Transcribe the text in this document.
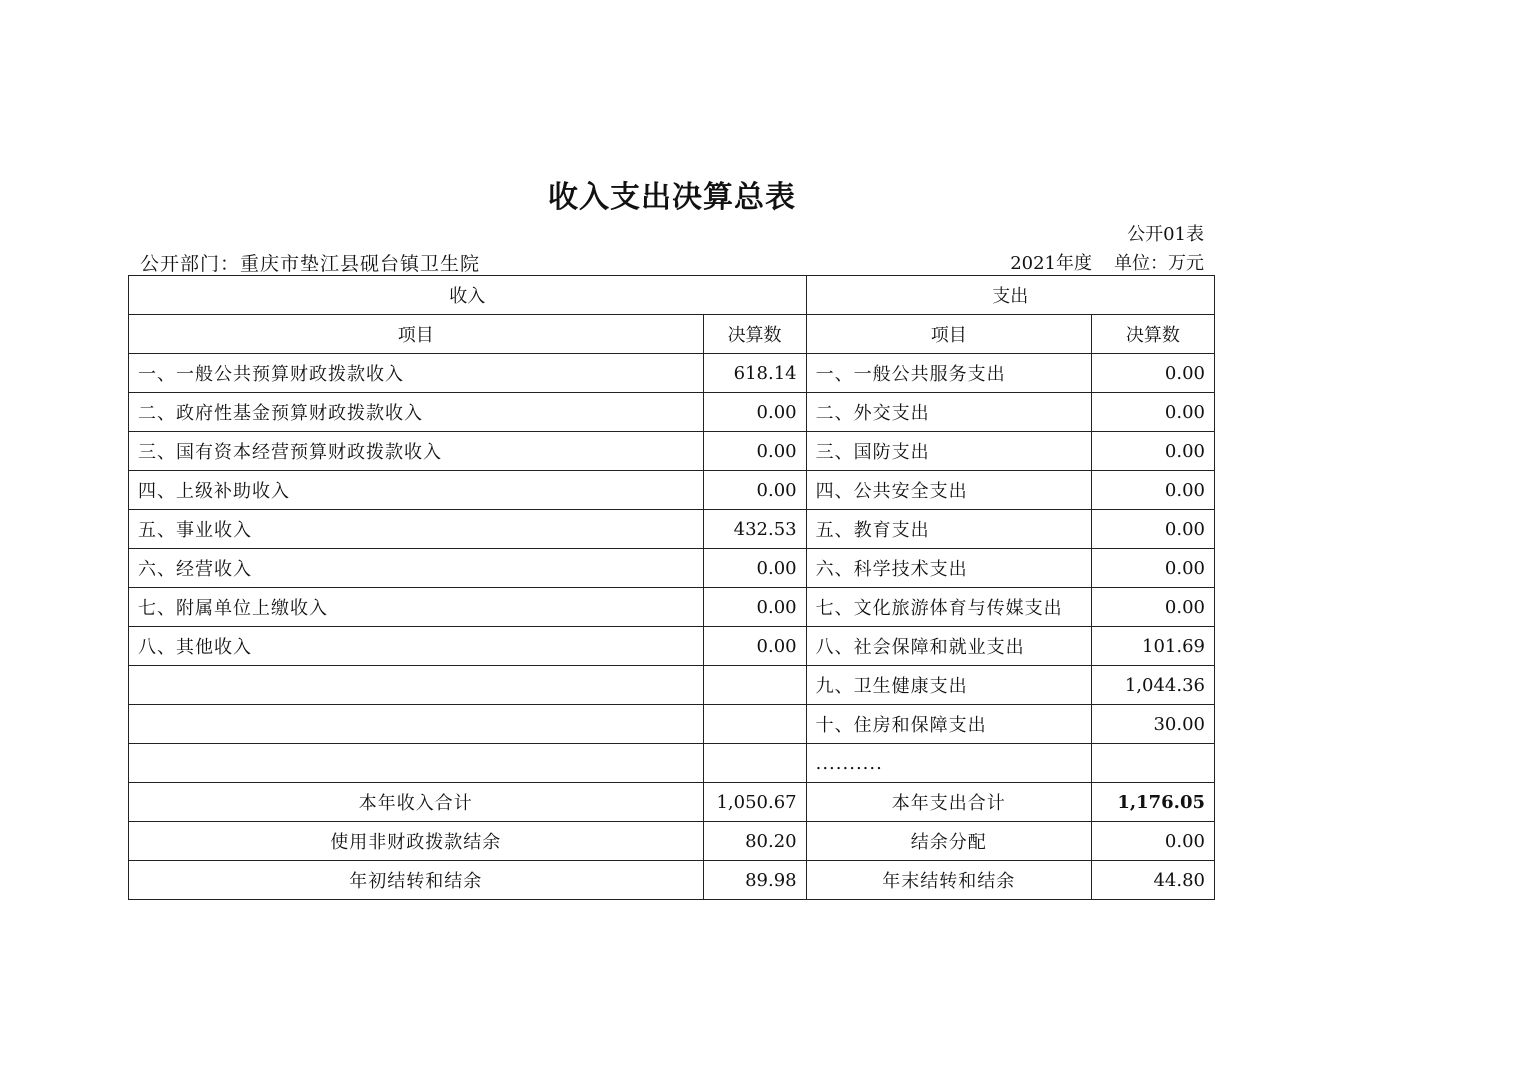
收入支出决算总表
公开01表
公开部门：重庆市垫江县砚台镇卫生院	2021年度 单位：万元
收入		支出	
项目	决算数	项目	决算数
一、一般公共预算财政拨款收入	618.14	一、一般公共服务支出	0.00
二、政府性基金预算财政拨款收入	0.00	二、外交支出	0.00
三、国有资本经营预算财政拨款收入	0.00	三、国防支出	0.00
四、上级补助收入	0.00	四、公共安全支出	0.00
五、事业收入	432.53	五、教育支出	0.00
六、经营收入	0.00	六、科学技术支出	0.00
七、附属单位上缴收入	0.00	七、文化旅游体育与传媒支出	0.00
八、其他收入	0.00	八、社会保障和就业支出	101.69
		九、卫生健康支出	1,044.36
		十、住房和保障支出	30.00
		..........	
本年收入合计	1,050.67	本年支出合计	1,176.05
使用非财政拨款结余	80.20	结余分配	0.00
年初结转和结余	89.98	年末结转和结余	44.80
